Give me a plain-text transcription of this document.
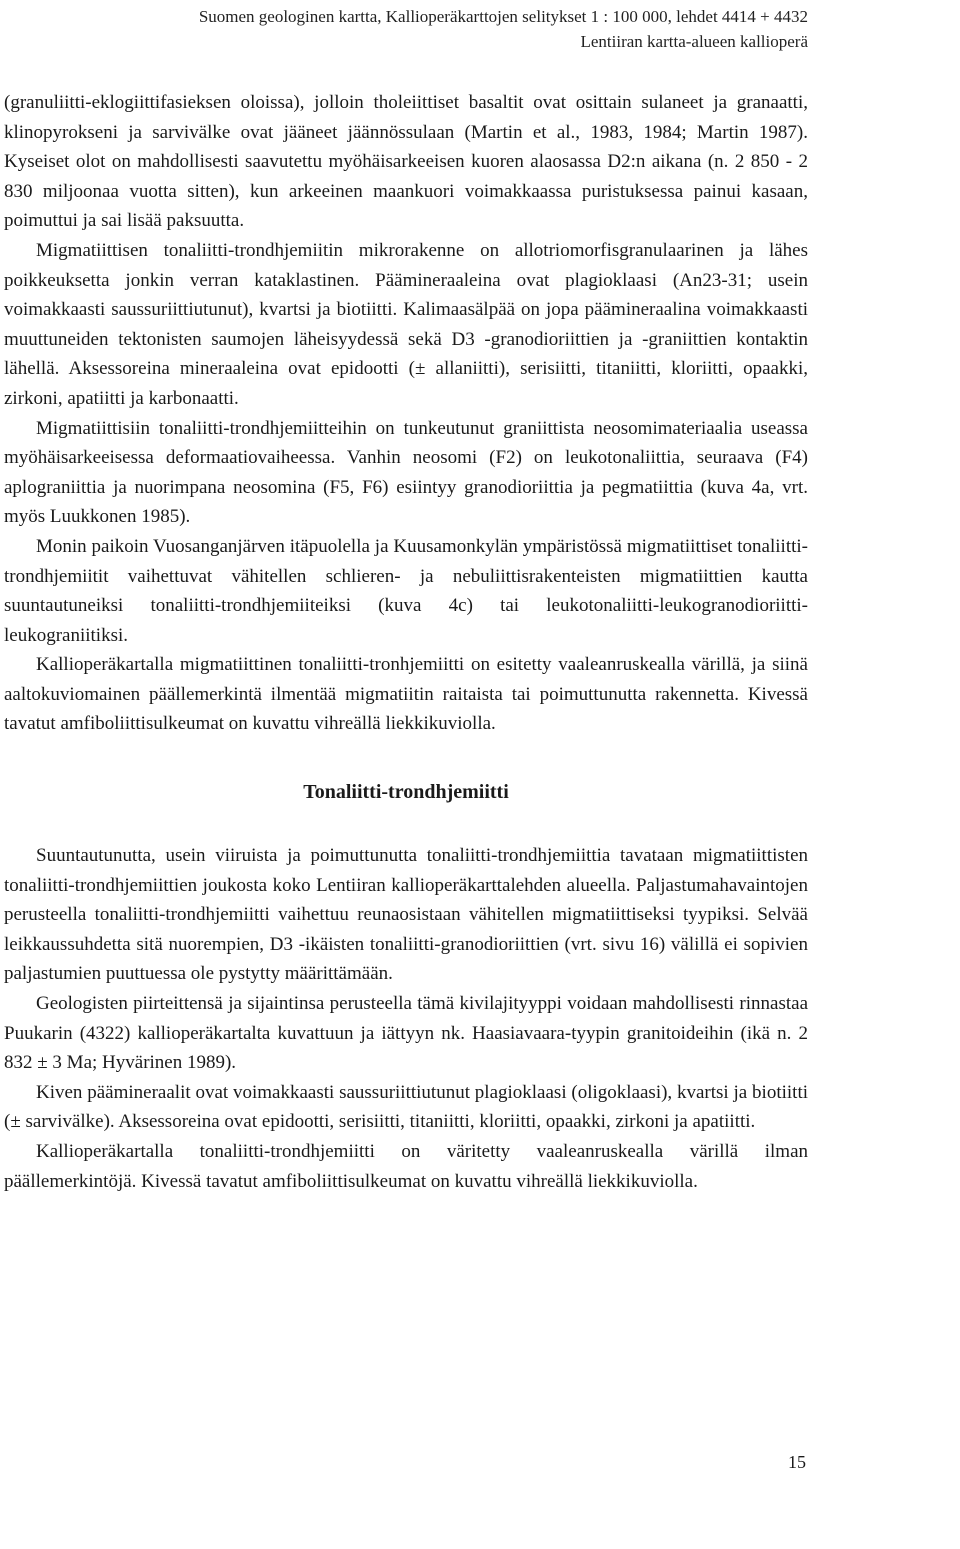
Suomen geologinen kartta, Kallioperäkarttojen selitykset 1 : 100 000, lehdet 4414 + 4432
Lentiiran kartta-alueen kallioperä

(granuliitti-eklogiittifasieksen oloissa), jolloin tholeiittiset basaltit ovat osittain sulaneet ja granaatti, klinopyrokseni ja sarvivälke ovat jääneet jäännössulaan (Martin et al., 1983, 1984; Martin 1987). Kyseiset olot on mahdollisesti saavutettu myöhäisarkeeisen kuoren alaosassa D2:n aikana (n. 2 850 - 2 830 miljoonaa vuotta sitten), kun arkeeinen maankuori voimakkaassa puristuksessa painui kasaan, poimuttui ja sai lisää paksuutta.

Migmatiittisen tonaliitti-trondhjemiitin mikrorakenne on allotriomorfisgranulaarinen ja lähes poikkeuksetta jonkin verran kataklastinen. Päämineraaleina ovat plagioklaasi (An23-31; usein voimakkaasti saussuriittiutunut), kvartsi ja biotiitti. Kalimaasälpää on jopa päämineraalina voimakkaasti muuttuneiden tektonisten saumojen läheisyydessä sekä D3 -granodioriittien ja -graniittien kontaktin lähellä. Aksessoreina mineraaleina ovat epidootti (± allaniitti), serisiitti, titaniitti, kloriitti, opaakki, zirkoni, apatiitti ja karbonaatti.

Migmatiittisiin tonaliitti-trondhjemiitteihin on tunkeutunut graniittista neosomimateriaalia useassa myöhäisarkeeisessa deformaatiovaiheessa. Vanhin neosomi (F2) on leukotonaliittia, seuraava (F4) aplograniittia ja nuorimpana neosomina (F5, F6) esiintyy granodioriittia ja pegmatiittia (kuva 4a, vrt. myös Luukkonen 1985).

Monin paikoin Vuosanganjärven itäpuolella ja Kuusamonkylän ympäristössä migmatiittiset tonaliitti-trondhjemiitit vaihettuvat vähitellen schlieren- ja nebuliittisrakenteisten migmatiittien kautta suuntautuneiksi tonaliitti-trondhjemiiteiksi (kuva 4c) tai leukotonaliitti-leukogranodioriitti-leukograniitiksi.

Kallioperäkartalla migmatiittinen tonaliitti-tronhjemiitti on esitetty vaaleanruskealla värillä, ja siinä aaltokuviomainen päällemerkintä ilmentää migmatiitin raitaista tai poimuttunutta rakennetta. Kivessä tavatut amfiboliittisulkeumat on kuvattu vihreällä liekkikuviolla.

Tonaliitti-trondhjemiitti

Suuntautunutta, usein viiruista ja poimuttunutta tonaliitti-trondhjemiittia tavataan migmatiittisten tonaliitti-trondhjemiittien joukosta koko Lentiiran kallioperäkarttalehden alueella. Paljastumahavaintojen perusteella tonaliitti-trondhjemiitti vaihettuu reunaosistaan vähitellen migmatiittiseksi tyypiksi. Selvää leikkaussuhdetta sitä nuorempien, D3 -ikäisten tonaliitti-granodioriittien (vrt. sivu 16) välillä ei sopivien paljastumien puuttuessa ole pystytty määrittämään.

Geologisten piirteittensä ja sijaintinsa perusteella tämä kivilajityyppi voidaan mahdollisesti rinnastaa Puukarin (4322) kallioperäkartalta kuvattuun ja iättyyn nk. Haasiavaara-tyypin granitoideihin (ikä n. 2 832 ± 3 Ma; Hyvärinen 1989).

Kiven päämineraalit ovat voimakkaasti saussuriittiutunut plagioklaasi (oligoklaasi), kvartsi ja biotiitti (± sarvivälke). Aksessoreina ovat epidootti, serisiitti, titaniitti, kloriitti, opaakki, zirkoni ja apatiitti.

Kallioperäkartalla tonaliitti-trondhjemiitti on väritetty vaaleanruskealla värillä ilman päällemerkintöjä. Kivessä tavatut amfiboliittisulkeumat on kuvattu vihreällä liekkikuviolla.

15
